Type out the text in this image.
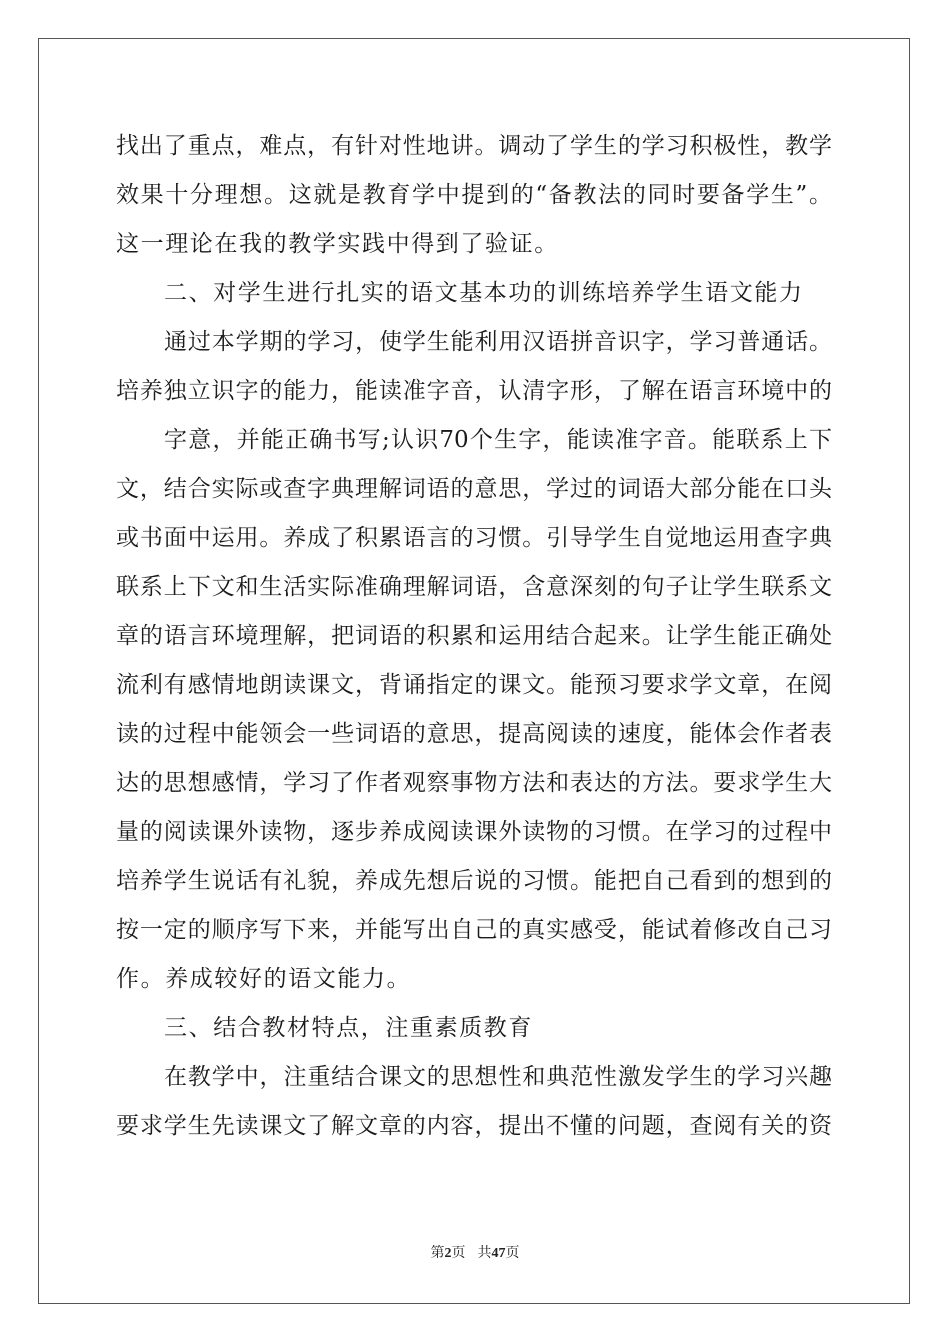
找出了重点，难点，有针对性地讲。调动了学生的学习积极性，教学
效果十分理想。这就是教育学中提到的“备教法的同时要备学生”。
这一理论在我的教学实践中得到了验证。
二、对学生进行扎实的语文基本功的训练培养学生语文能力
通过本学期的学习，使学生能利用汉语拼音识字，学习普通话。
培养独立识字的能力，能读准字音，认清字形，了解在语言环境中的
字意，并能正确书写;认识70个生字，能读准字音。能联系上下
文，结合实际或查字典理解词语的意思，学过的词语大部分能在口头
或书面中运用。养成了积累语言的习惯。引导学生自觉地运用查字典
联系上下文和生活实际准确理解词语，含意深刻的句子让学生联系文
章的语言环境理解，把词语的积累和运用结合起来。让学生能正确处
流利有感情地朗读课文，背诵指定的课文。能预习要求学文章，在阅
读的过程中能领会一些词语的意思，提高阅读的速度，能体会作者表
达的思想感情，学习了作者观察事物方法和表达的方法。要求学生大
量的阅读课外读物，逐步养成阅读课外读物的习惯。在学习的过程中
培养学生说话有礼貌，养成先想后说的习惯。能把自己看到的想到的
按一定的顺序写下来，并能写出自己的真实感受，能试着修改自己习
作。养成较好的语文能力。
三、结合教材特点，注重素质教育
在教学中，注重结合课文的思想性和典范性激发学生的学习兴趣
要求学生先读课文了解文章的内容，提出不懂的问题，查阅有关的资
第2页 共47页
